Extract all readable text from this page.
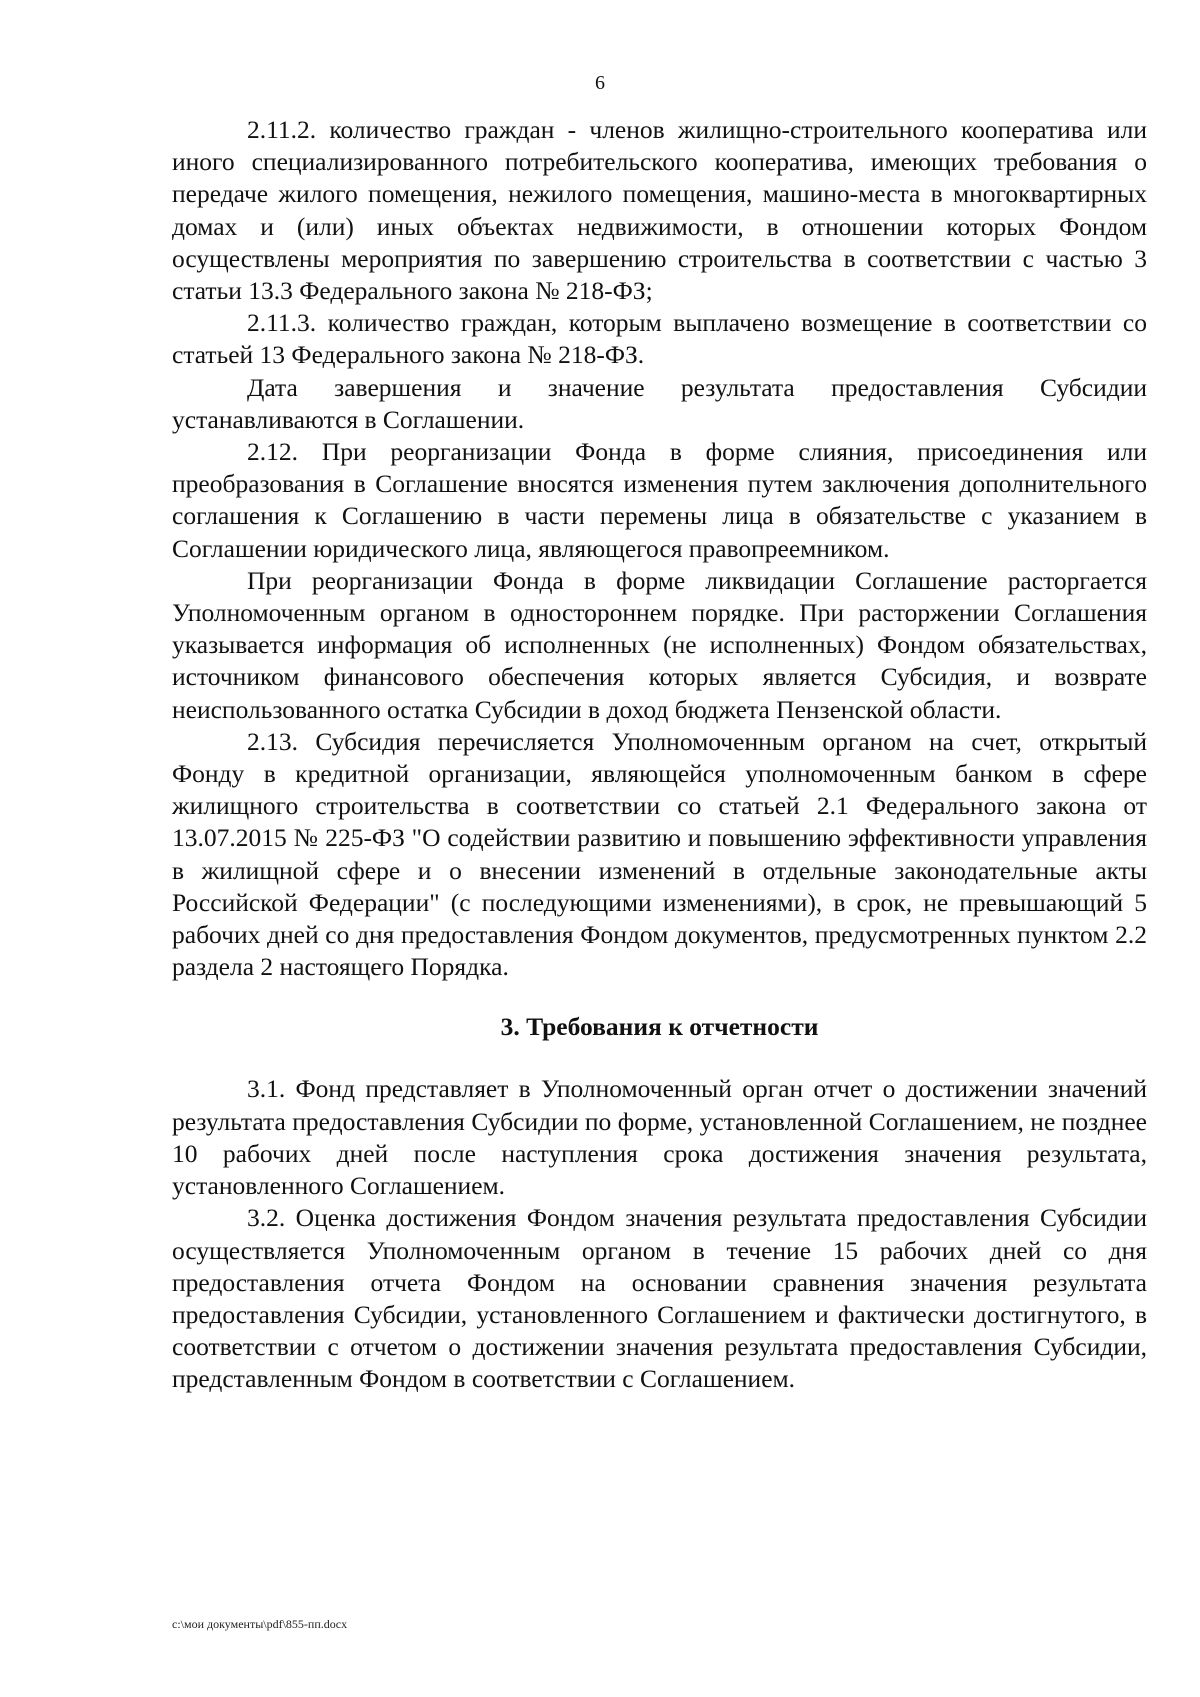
6

2.11.2. количество граждан - членов жилищно-строительного кооператива или иного специализированного потребительского кооператива, имеющих требования о передаче жилого помещения, нежилого помещения, машино-места в многоквартирных домах и (или) иных объектах недвижимости, в отношении которых Фондом осуществлены мероприятия по завершению строительства в соответствии с частью 3 статьи 13.3 Федерального закона № 218-ФЗ;

2.11.3. количество граждан, которым выплачено возмещение в соответствии со статьей 13 Федерального закона № 218-ФЗ.

Дата завершения и значение результата предоставления Субсидии устанавливаются в Соглашении.

2.12. При реорганизации Фонда в форме слияния, присоединения или преобразования в Соглашение вносятся изменения путем заключения дополнительного соглашения к Соглашению в части перемены лица в обязательстве с указанием в Соглашении юридического лица, являющегося правопреемником.

При реорганизации Фонда в форме ликвидации Соглашение расторгается Уполномоченным органом в одностороннем порядке. При расторжении Соглашения указывается информация об исполненных (не исполненных) Фондом обязательствах, источником финансового обеспечения которых является Субсидия, и возврате неиспользованного остатка Субсидии в доход бюджета Пензенской области.

2.13. Субсидия перечисляется Уполномоченным органом на счет, открытый Фонду в кредитной организации, являющейся уполномоченным банком в сфере жилищного строительства в соответствии со статьей 2.1 Федерального закона от 13.07.2015 № 225-ФЗ "О содействии развитию и повышению эффективности управления в жилищной сфере и о внесении изменений в отдельные законодательные акты Российской Федерации" (с последующими изменениями), в срок, не превышающий 5 рабочих дней со дня предоставления Фондом документов, предусмотренных пунктом 2.2 раздела 2 настоящего Порядка.

3. Требования к отчетности

3.1. Фонд представляет в Уполномоченный орган отчет о достижении значений результата предоставления Субсидии по форме, установленной Соглашением, не позднее 10 рабочих дней после наступления срока достижения значения результата, установленного Соглашением.

3.2. Оценка достижения Фондом значения результата предоставления Субсидии осуществляется Уполномоченным органом в течение 15 рабочих дней со дня предоставления отчета Фондом на основании сравнения значения результата предоставления Субсидии, установленного Соглашением и фактически достигнутого, в соответствии с отчетом о достижении значения результата предоставления Субсидии, представленным Фондом в соответствии с Соглашением.

c:\мои документы\pdf\855-пп.docx
